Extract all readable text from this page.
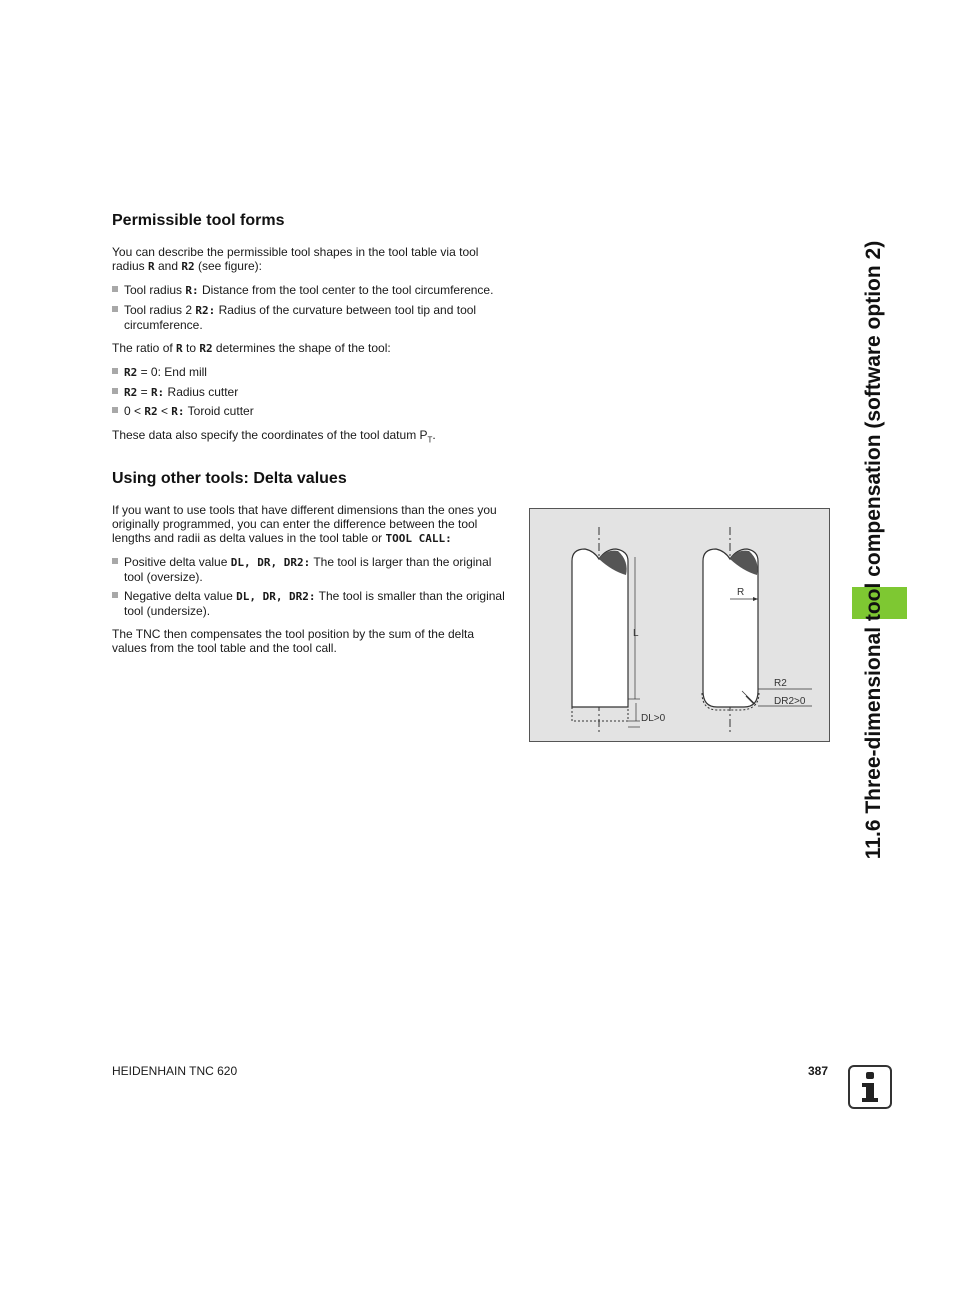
Permissible tool forms

You can describe the permissible tool shapes in the tool table via tool radius R and R2 (see figure):

Tool radius R: Distance from the tool center to the tool circumference.

Tool radius 2 R2: Radius of the curvature between tool tip and tool circumference.

The ratio of R to R2 determines the shape of the tool:

R2 = 0: End mill

R2 = R: Radius cutter

0 < R2 < R: Toroid cutter

These data also specify the coordinates of the tool datum $P_T$.

Using other tools: Delta values

If you want to use tools that have different dimensions than the ones you originally programmed, you can enter the difference between the tool lengths and radii as delta values in the tool table or TOOL CALL:

Positive delta value DL, DR, DR2: The tool is larger than the original tool (oversize).

Negative delta value DL, DR, DR2: The tool is smaller than the original tool (undersize).

The TNC then compensates the tool position by the sum of the delta values from the tool table and the tool call.

L
DL>0
R
R2
DR2>0	11.6 Three-dimensional tool compensation (software option 2)
HEIDENHAIN TNC 620	387
